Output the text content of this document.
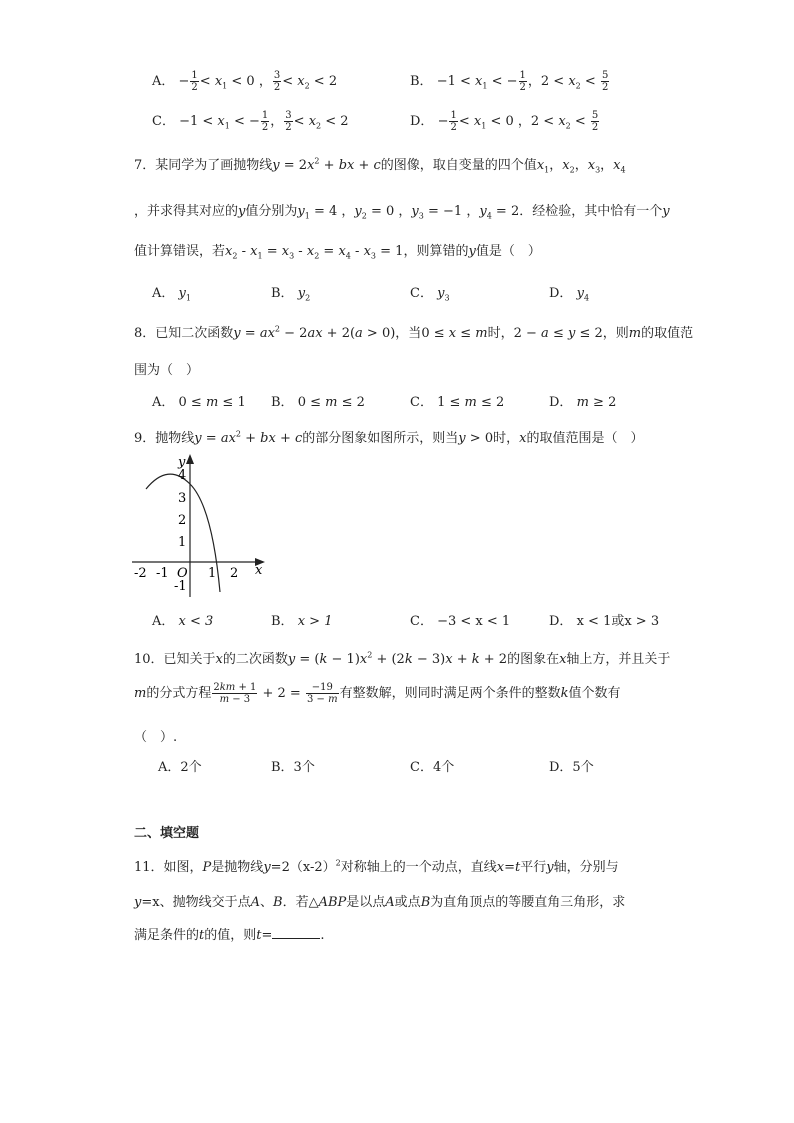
A． − $\frac{1}{2} < x_1 < 0$ ， $\frac{3}{2} < x_2 < 2$	B． $-1 < x_1$ < − $\frac{1}{2}$ ，$2 < x_2 < \frac{5}{2}$
C． $-1 < x_1$ < − $\frac{1}{2}$ ， $\frac{3}{2} < x_2 < 2$	D． − $\frac{1}{2} < x_1 < 0$ ，$2 < x_2 < \frac{5}{2}$
7．某同学为了画抛物线$y = 2x^2$ + bx + c的图像，取自变量的四个值$x_1$，$x_2$，$x_3$，$x_4$
，并求得其对应的y值分别为$y_1 = 4$ ，$y_2 = 0$ ，$y_3 = -1$ ，$y_4 = 2$．经检验，其中恰有一个y
值计算错误，若$x_2 - x_1 = x_3 - x_2 = x_4 - x_3 = 1$，则算错的y值是（　）
A． $y_1$	B． $y_2$	C． $y_3$	D． $y_4$
8．已知二次函数$y = ax^2 - 2ax + 2(a > 0)$，当0 ≤ x ≤ m时，2 − a ≤ y ≤ 2，则m的取值范
围为（　）
A． 0 ≤ m ≤ 1 B． 0 ≤ m ≤ 2	C． 1 ≤ m ≤ 2	D． m ≥ 2
9．抛物线$y = ax^2$ + bx + c的部分图象如图所示，则当y > 0时，x的取值范围是（　）
y
x
O
4
3
2
1
-1
-2 -1	1 2
A． x < 3	B． x > 1	C． −3 < x < 1	D． x < 1或x > 3
10．已知关于x的二次函数$y = (k - 1)x^2 + (2k - 3)x + k + 2$的图象在x轴上方，并且关于
m的分式方程 $\frac{2km + 1}{m - 3} + 2 = \frac{-19}{3 - m}$ 有整数解，则同时满足两个条件的整数k值个数有
（　）.
A．2个	B．3个	C．4个	D．5个
二、填空题
11．如图，P是抛物线$y=2(x-2)^2$对称轴上的一个动点，直线x=t平行y轴，分别与
y=x、抛物线交于点A、B．若△ABP是以点A或点B为直角顶点的等腰直角三角形，求
满足条件的t的值，则t=	.
